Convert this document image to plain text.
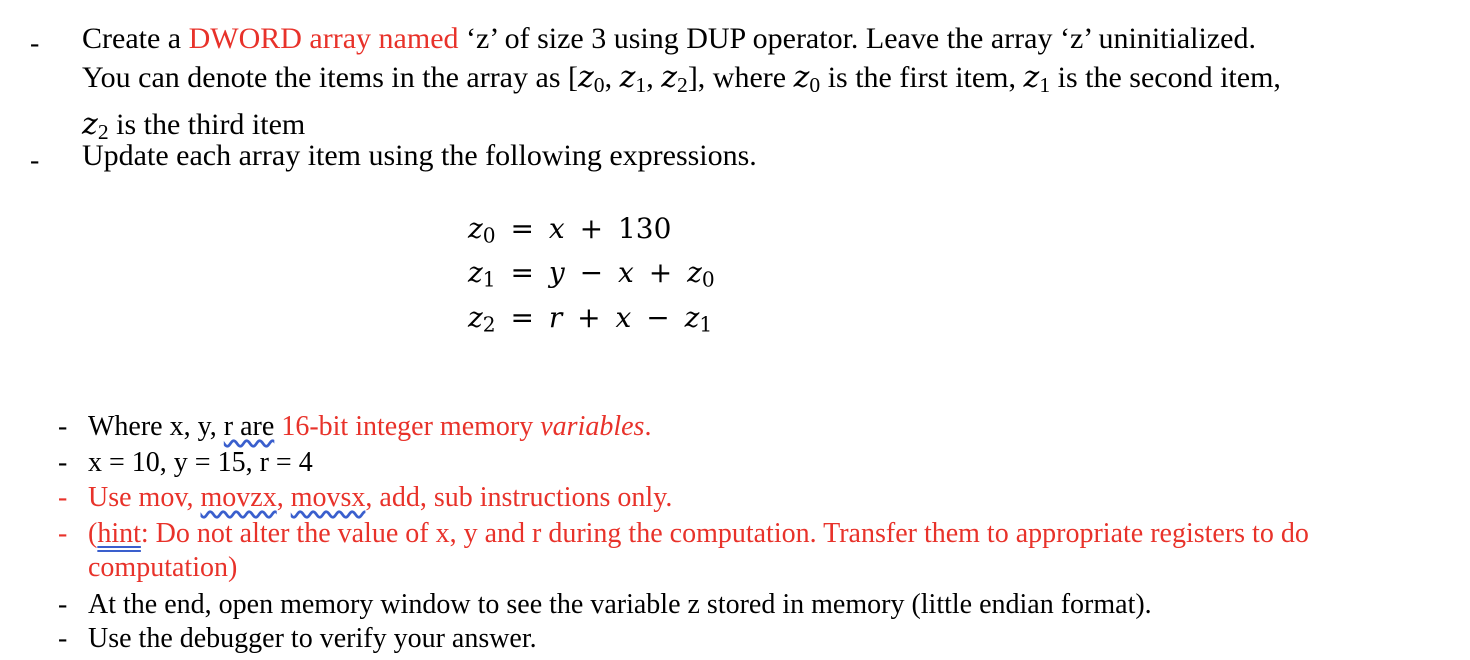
- Create a DWORD array named ‘z’ of size 3 using DUP operator. Leave the array ‘z’ uninitialized.
You can denote the items in the array as [$z_0$, $z_1$, $z_2$], where $z_0$ is the first item, $z_1$ is the second item,
$z_2$ is the third item
- Update each array item using the following expressions.
$z_0 = x + 130$
$z_1 = y - x + z_0$
$z_2 = r + x - z_1$
- Where x, y, r are 16-bit integer memory variables.
- x = 10, y = 15, r = 4
- Use mov, movzx, movsx, add, sub instructions only.
- (hint: Do not alter the value of x, y and r during the computation. Transfer them to appropriate registers to do
computation)
- At the end, open memory window to see the variable z stored in memory (little endian format).
- Use the debugger to verify your answer.
